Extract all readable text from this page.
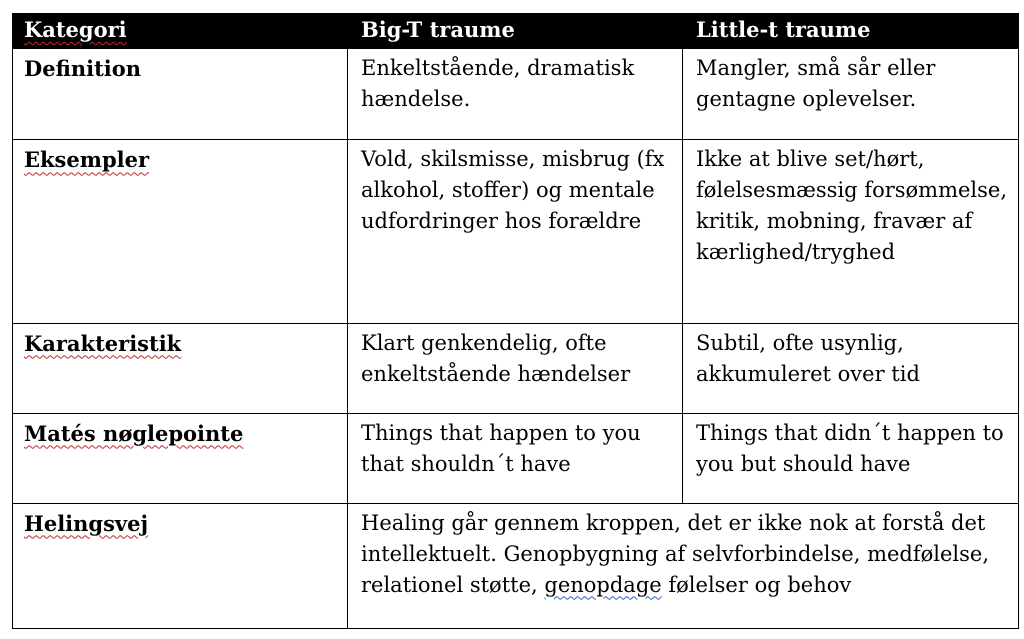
Kategori	Big-T traume	Little-t traume

Definition	Enkeltstående, dramatisk hændelse.	Mangler, små sår eller gentagne oplevelser.

Eksempler	Vold, skilsmisse, misbrug (fx alkohol, stoffer) og mentale udfordringer hos forældre	Ikke at blive set/hørt, følelsesmæssig forsømmelse, kritik, mobning, fravær af kærlighed/tryghed

Karakteristik	Klart genkendelig, ofte enkeltstående hændelser	Subtil, ofte usynlig, akkumuleret over tid

Matés nøglepointe	Things that happen to you that shouldn´t have	Things that didn´t happen to you but should have

Helingsvej	Healing går gennem kroppen, det er ikke nok at forstå det intellektuelt. Genopbygning af selvforbindelse, medfølelse, relationel støtte, genopdage følelser og behov	
